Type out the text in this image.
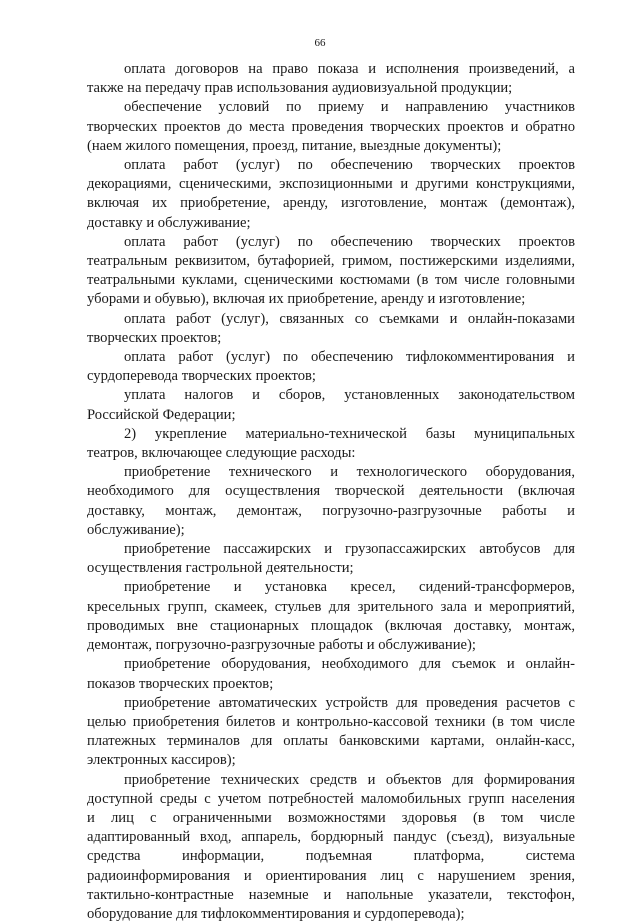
66
оплата договоров на право показа и исполнения произведений, а
также на передачу прав использования аудиовизуальной продукции;
обеспечение условий по приему и направлению участников
творческих проектов до места проведения творческих проектов и обратно
(наем жилого помещения, проезд, питание, выездные документы);
оплата работ (услуг) по обеспечению творческих проектов
декорациями, сценическими, экспозиционными и другими конструкциями,
включая их приобретение, аренду, изготовление, монтаж (демонтаж),
доставку и обслуживание;
оплата работ (услуг) по обеспечению творческих проектов
театральным реквизитом, бутафорией, гримом, постижерскими изделиями,
театральными куклами, сценическими костюмами (в том числе головными
уборами и обувью), включая их приобретение, аренду и изготовление;
оплата работ (услуг), связанных со съемками и онлайн-показами
творческих проектов;
оплата работ (услуг) по обеспечению тифлокомментирования и
сурдоперевода творческих проектов;
уплата налогов и сборов, установленных законодательством
Российской Федерации;
2) укрепление материально-технической базы муниципальных
театров, включающее следующие расходы:
приобретение технического и технологического оборудования,
необходимого для осуществления творческой деятельности (включая
доставку, монтаж, демонтаж, погрузочно-разгрузочные работы и
обслуживание);
приобретение пассажирских и грузопассажирских автобусов для
осуществления гастрольной деятельности;
приобретение и установка кресел, сидений-трансформеров,
кресельных групп, скамеек, стульев для зрительного зала и мероприятий,
проводимых вне стационарных площадок (включая доставку, монтаж,
демонтаж, погрузочно-разгрузочные работы и обслуживание);
приобретение оборудования, необходимого для съемок и онлайн-
показов творческих проектов;
приобретение автоматических устройств для проведения расчетов с
целью приобретения билетов и контрольно-кассовой техники (в том числе
платежных терминалов для оплаты банковскими картами, онлайн-касс,
электронных кассиров);
приобретение технических средств и объектов для формирования
доступной среды с учетом потребностей маломобильных групп населения
и лиц с ограниченными возможностями здоровья (в том числе
адаптированный вход, аппарель, бордюрный пандус (съезд), визуальные
средства информации, подъемная платформа, система
радиоинформирования и ориентирования лиц с нарушением зрения,
тактильно-контрастные наземные и напольные указатели, текстофон,
оборудование для тифлокомментирования и сурдоперевода);
